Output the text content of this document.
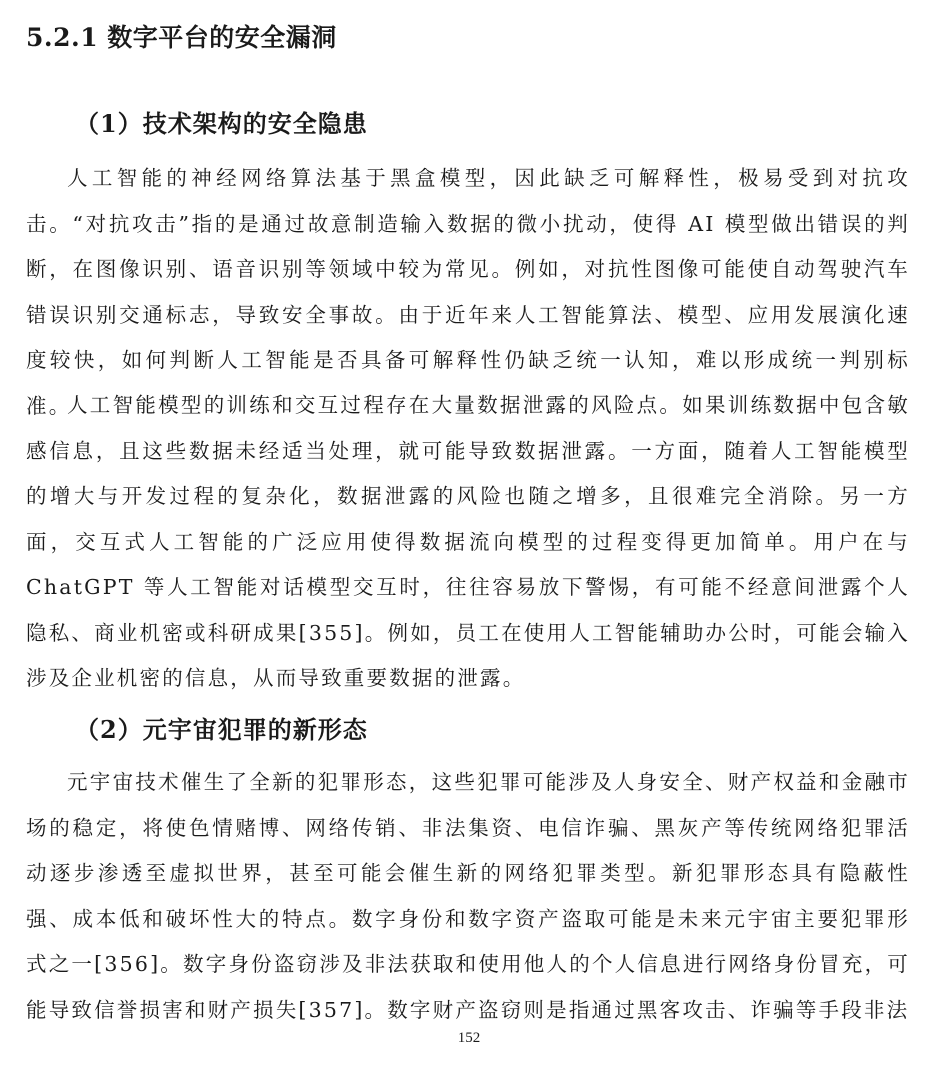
5.2.1 数字平台的安全漏洞
（1）技术架构的安全隐患

人工智能的神经网络算法基于黑盒模型，因此缺乏可解释性，极易受到对抗攻击。“对抗攻击”指的是通过故意制造输入数据的微小扰动，使得 AI 模型做出错误的判断，在图像识别、语音识别等领域中较为常见。例如，对抗性图像可能使自动驾驶汽车错误识别交通标志，导致安全事故。由于近年来人工智能算法、模型、应用发展演化速度较快，如何判断人工智能是否具备可解释性仍缺乏统一认知，难以形成统一判别标准。

人工智能模型的训练和交互过程存在大量数据泄露的风险点。如果训练数据中包含敏感信息，且这些数据未经适当处理，就可能导致数据泄露。一方面，随着人工智能模型的增大与开发过程的复杂化，数据泄露的风险也随之增多，且很难完全消除。另一方面，交互式人工智能的广泛应用使得数据流向模型的过程变得更加简单。用户在与 ChatGPT 等人工智能对话模型交互时，往往容易放下警惕，有可能不经意间泄露个人隐私、商业机密或科研成果[355]。例如，员工在使用人工智能辅助办公时，可能会输入涉及企业机密的信息，从而导致重要数据的泄露。

（2）元宇宙犯罪的新形态

元宇宙技术催生了全新的犯罪形态，这些犯罪可能涉及人身安全、财产权益和金融市场的稳定，将使色情赌博、网络传销、非法集资、电信诈骗、黑灰产等传统网络犯罪活动逐步渗透至虚拟世界，甚至可能会催生新的网络犯罪类型。新犯罪形态具有隐蔽性强、成本低和破坏性大的特点。数字身份和数字资产盗取可能是未来元宇宙主要犯罪形式之一[356]。数字身份盗窃涉及非法获取和使用他人的个人信息进行网络身份冒充，可能导致信誉损害和财产损失[357]。数字财产盗窃则是指通过黑客攻击、诈骗等手段非法

152
